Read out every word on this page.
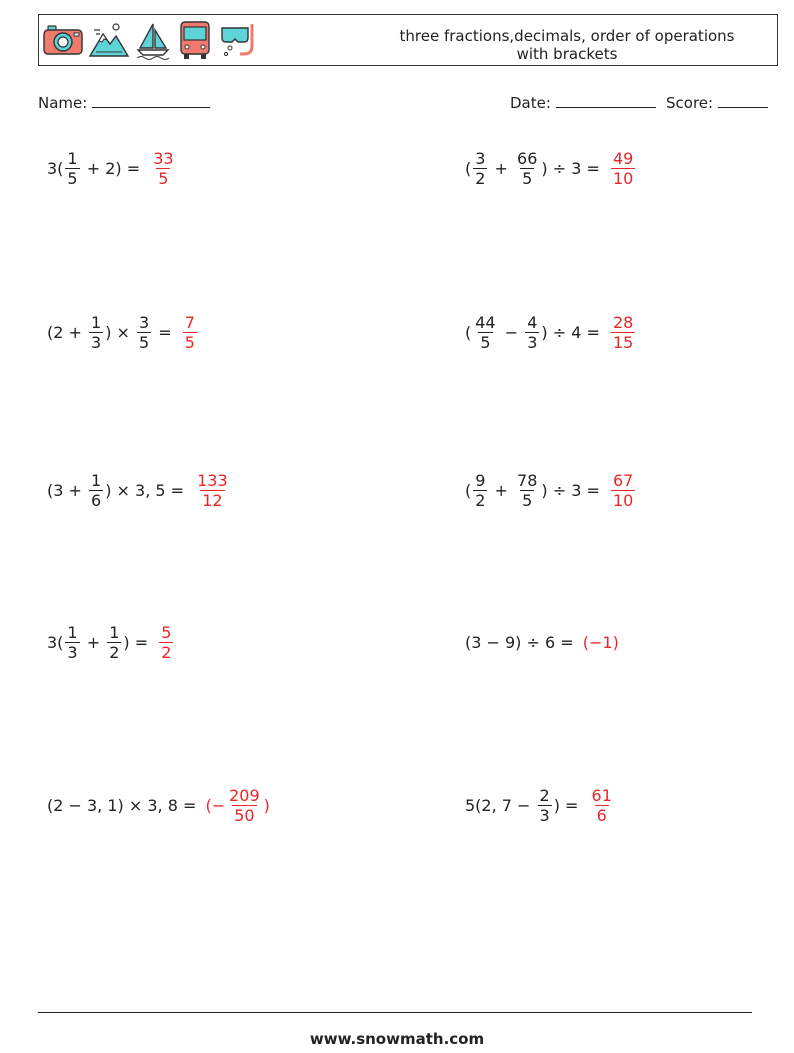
three fractions,decimals, order of operations
with brackets
Name:	Date:	Score:
$3( \frac{1}{5} + 2) = \frac{33}{5}$	( $\frac{3}{2} + \frac{66}{5}$ ) ÷ $3 = \frac{49}{10}$
($2 + \frac{1}{3}$ ) × $\frac{3}{5} = \frac{7}{5}$	( $\frac{44}{5} - \frac{4}{3}$ ) ÷ $4 = \frac{28}{15}$
($3 + \frac{1}{6}$ ) × 3, $5 = \frac{133}{12}$	( $\frac{9}{2} + \frac{78}{5}$ ) ÷ $3 = \frac{67}{10}$
$3( \frac{1}{3} + \frac{1}{2}$ ) = $\frac{5}{2}$	(3 − 9) ÷ 6 = (−1)
(2 − 3, 1) × 3, 8 = (− $\frac{209}{50}$ )	5(2, $7 - \frac{2}{3}$ ) = $\frac{61}{6}$
www.snowmath.com
